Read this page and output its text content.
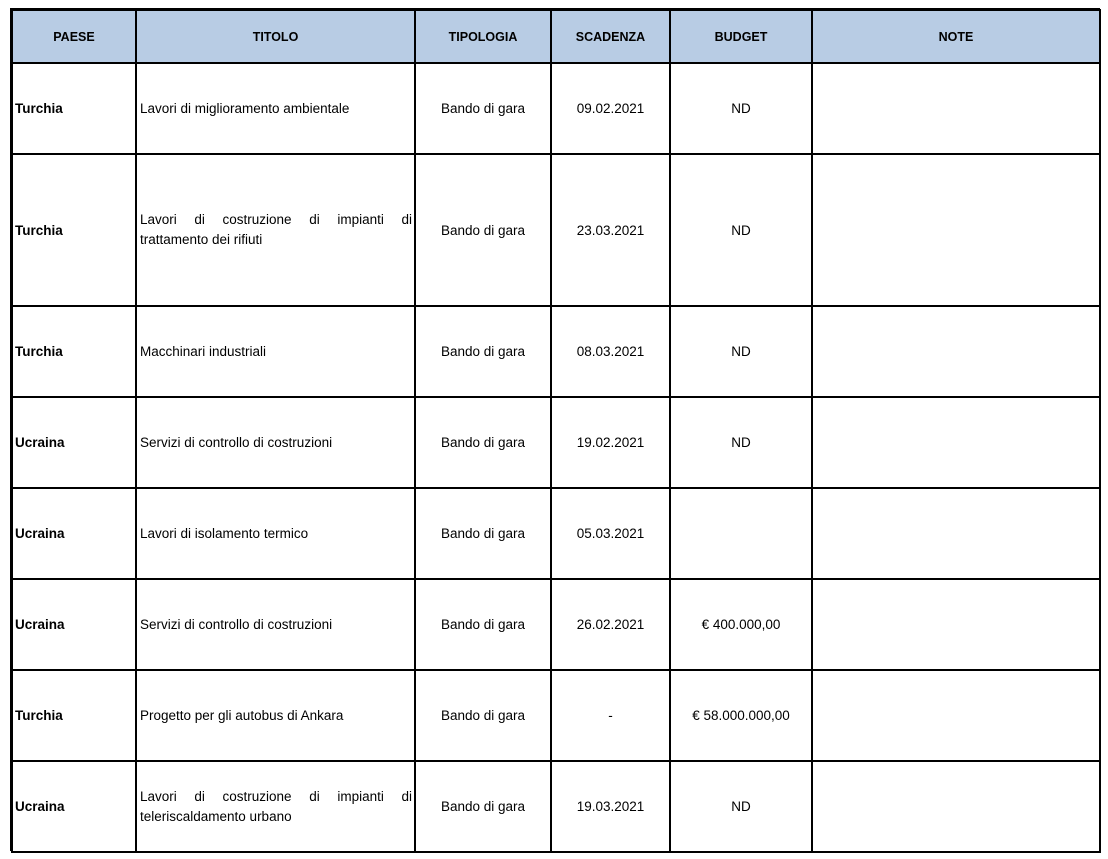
PAESE	TITOLO	TIPOLOGIA	SCADENZA	BUDGET	NOTE
Turchia	Lavori di miglioramento ambientale	Bando di gara	09.02.2021	ND	
Turchia	Lavori di costruzione di impianti di trattamento dei rifiuti	Bando di gara	23.03.2021	ND	
Turchia	Macchinari industriali	Bando di gara	08.03.2021	ND	
Ucraina	Servizi di controllo di costruzioni	Bando di gara	19.02.2021	ND	
Ucraina	Lavori di isolamento termico	Bando di gara	05.03.2021		
Ucraina	Servizi di controllo di costruzioni	Bando di gara	26.02.2021	€ 400.000,00	
Turchia	Progetto per gli autobus di Ankara	Bando di gara	-	€ 58.000.000,00	
Ucraina	Lavori di costruzione di impianti di teleriscaldamento urbano	Bando di gara	19.03.2021	ND	
